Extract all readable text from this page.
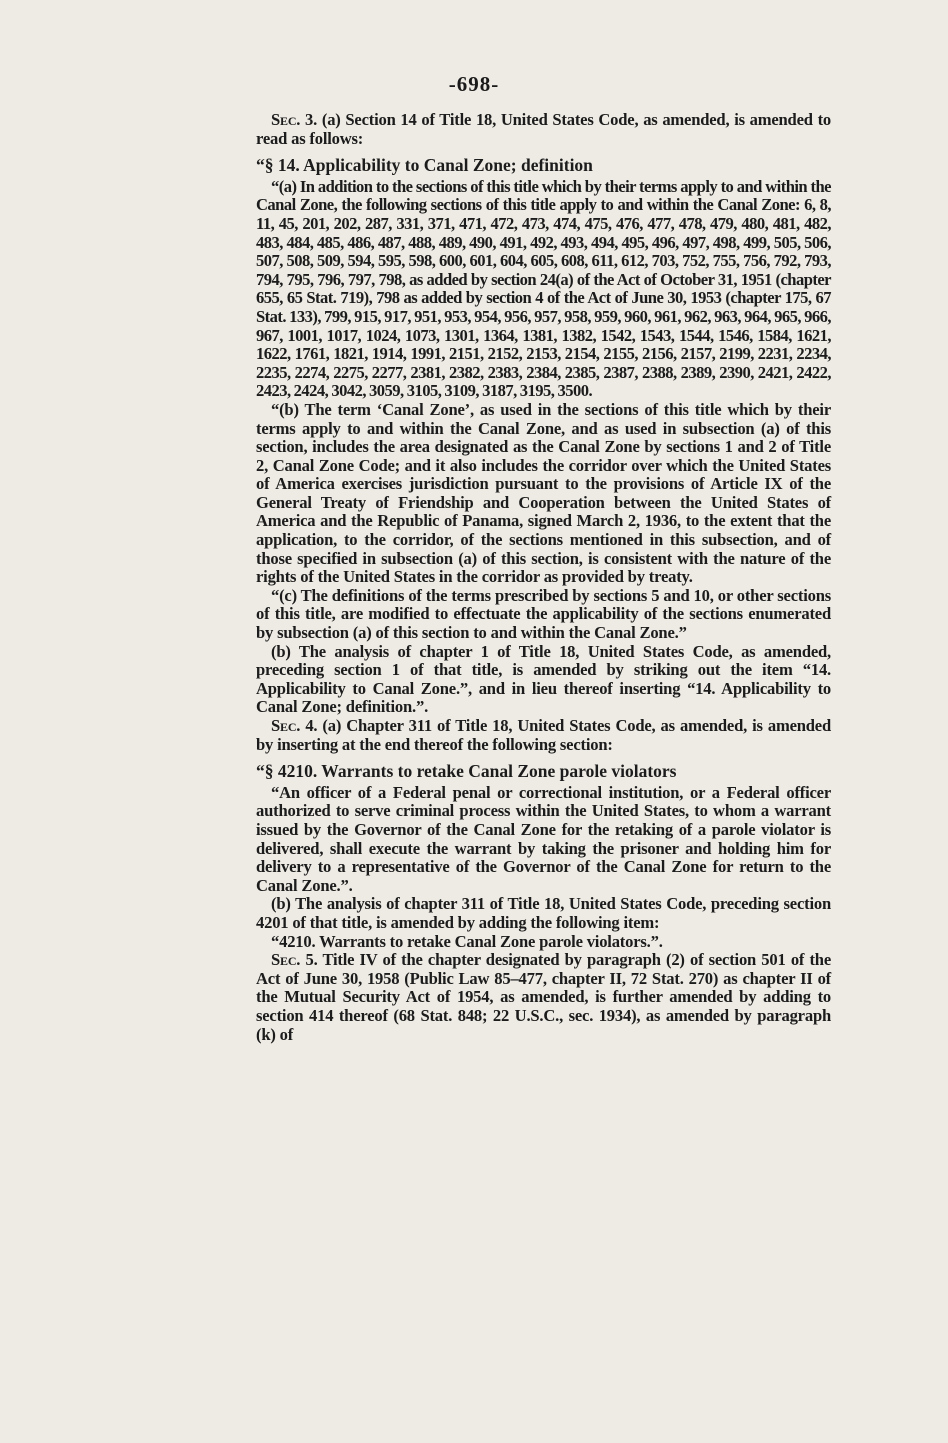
-698-

Sec. 3. (a) Section 14 of Title 18, United States Code, as amended, is amended to read as follows:

“§ 14. Applicability to Canal Zone; definition

“(a) In addition to the sections of this title which by their terms apply to and within the Canal Zone, the following sections of this title apply to and within the Canal Zone: 6, 8, 11, 45, 201, 202, 287, 331, 371, 471, 472, 473, 474, 475, 476, 477, 478, 479, 480, 481, 482, 483, 484, 485, 486, 487, 488, 489, 490, 491, 492, 493, 494, 495, 496, 497, 498, 499, 505, 506, 507, 508, 509, 594, 595, 598, 600, 601, 604, 605, 608, 611, 612, 703, 752, 755, 756, 792, 793, 794, 795, 796, 797, 798, as added by section 24(a) of the Act of October 31, 1951 (chapter 655, 65 Stat. 719), 798 as added by section 4 of the Act of June 30, 1953 (chapter 175, 67 Stat. 133), 799, 915, 917, 951, 953, 954, 956, 957, 958, 959, 960, 961, 962, 963, 964, 965, 966, 967, 1001, 1017, 1024, 1073, 1301, 1364, 1381, 1382, 1542, 1543, 1544, 1546, 1584, 1621, 1622, 1761, 1821, 1914, 1991, 2151, 2152, 2153, 2154, 2155, 2156, 2157, 2199, 2231, 2234, 2235, 2274, 2275, 2277, 2381, 2382, 2383, 2384, 2385, 2387, 2388, 2389, 2390, 2421, 2422, 2423, 2424, 3042, 3059, 3105, 3109, 3187, 3195, 3500.

“(b) The term ‘Canal Zone’, as used in the sections of this title which by their terms apply to and within the Canal Zone, and as used in subsection (a) of this section, includes the area designated as the Canal Zone by sections 1 and 2 of Title 2, Canal Zone Code; and it also includes the corridor over which the United States of America exercises jurisdiction pursuant to the provisions of Article IX of the General Treaty of Friendship and Cooperation between the United States of America and the Republic of Panama, signed March 2, 1936, to the extent that the application, to the corridor, of the sections mentioned in this subsection, and of those specified in subsection (a) of this section, is consistent with the nature of the rights of the United States in the corridor as provided by treaty.

“(c) The definitions of the terms prescribed by sections 5 and 10, or other sections of this title, are modified to effectuate the applicability of the sections enumerated by subsection (a) of this section to and within the Canal Zone.”

(b) The analysis of chapter 1 of Title 18, United States Code, as amended, preceding section 1 of that title, is amended by striking out the item “14. Applicability to Canal Zone.”, and in lieu thereof inserting “14. Applicability to Canal Zone; definition.”.

Sec. 4. (a) Chapter 311 of Title 18, United States Code, as amended, is amended by inserting at the end thereof the following section:

“§ 4210. Warrants to retake Canal Zone parole violators

“An officer of a Federal penal or correctional institution, or a Federal officer authorized to serve criminal process within the United States, to whom a warrant issued by the Governor of the Canal Zone for the retaking of a parole violator is delivered, shall execute the warrant by taking the prisoner and holding him for delivery to a representative of the Governor of the Canal Zone for return to the Canal Zone.”.

(b) The analysis of chapter 311 of Title 18, United States Code, preceding section 4201 of that title, is amended by adding the following item:

“4210. Warrants to retake Canal Zone parole violators.”.

Sec. 5. Title IV of the chapter designated by paragraph (2) of section 501 of the Act of June 30, 1958 (Public Law 85–477, chapter II, 72 Stat. 270) as chapter II of the Mutual Security Act of 1954, as amended, is further amended by adding to section 414 thereof (68 Stat. 848; 22 U.S.C., sec. 1934), as amended by paragraph (k) of
